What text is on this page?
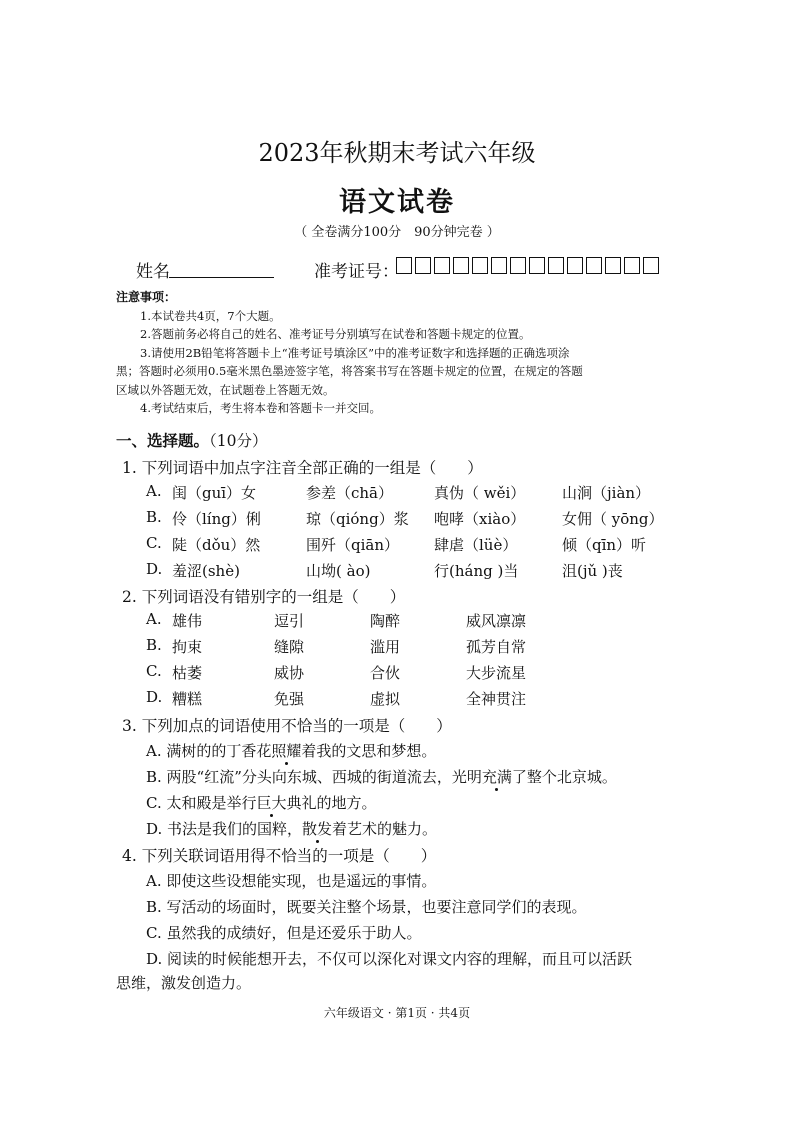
2023年秋期末考试六年级
语文试卷
（ 全卷满分100分　90分钟完卷 ）
姓名	准考证号：
注意事项：
1.本试卷共4页，7个大题。
2.答题前务必将自己的姓名、准考证号分别填写在试卷和答题卡规定的位置。
3.请使用2B铅笔将答题卡上“准考证号填涂区”中的准考证数字和选择题的正确选项涂
黑；答题时必须用0.5毫米黑色墨迹签字笔，将答案书写在答题卡规定的位置，在规定的答题
区域以外答题无效，在试题卷上答题无效。
4.考试结束后，考生将本卷和答题卡一并交回。
一、选择题。（10分）
1. 下列词语中加点字注音全部正确的一组是（　　）
A. 闺（guī）女	参差（chā）	真伪（ wěi） 山涧（jiàn）
B. 伶（líng）俐	琼（qióng）浆 咆哮（xiào） 女佣（ yōng）
C. 陡（dǒu）然	围歼（qiān） 肆虐（lüè）	倾（qīn）听
D. 羞涩(shè)	山坳( ào)	行(háng )当	沮(jǔ )丧
2. 下列词语没有错别字的一组是（　　）
A. 雄伟	逗引	陶醉	威风凛凛
B. 拘束	缝隙	滥用	孤芳自常
C. 枯萎	威协	合伙	大步流星
D. 糟糕	免强	虚拟	全神贯注
3. 下列加点的词语使用不恰当的一项是（　　）
A. 满树的的丁香花照耀着我的文思和梦想。
B. 两股“红流”分头向东城、西城的街道流去，光明充满了整个北京城。
C. 太和殿是举行巨大典礼的地方。
D. 书法是我们的国粹，散发着艺术的魅力。
4. 下列关联词语用得不恰当的一项是（　　）
A. 即使这些设想能实现，也是遥远的事情。
B. 写活动的场面时，既要关注整个场景，也要注意同学们的表现。
C. 虽然我的成绩好，但是还爱乐于助人。
D. 阅读的时候能想开去，不仅可以深化对课文内容的理解，而且可以活跃
思维，激发创造力。
六年级语文 · 第1页 · 共4页
